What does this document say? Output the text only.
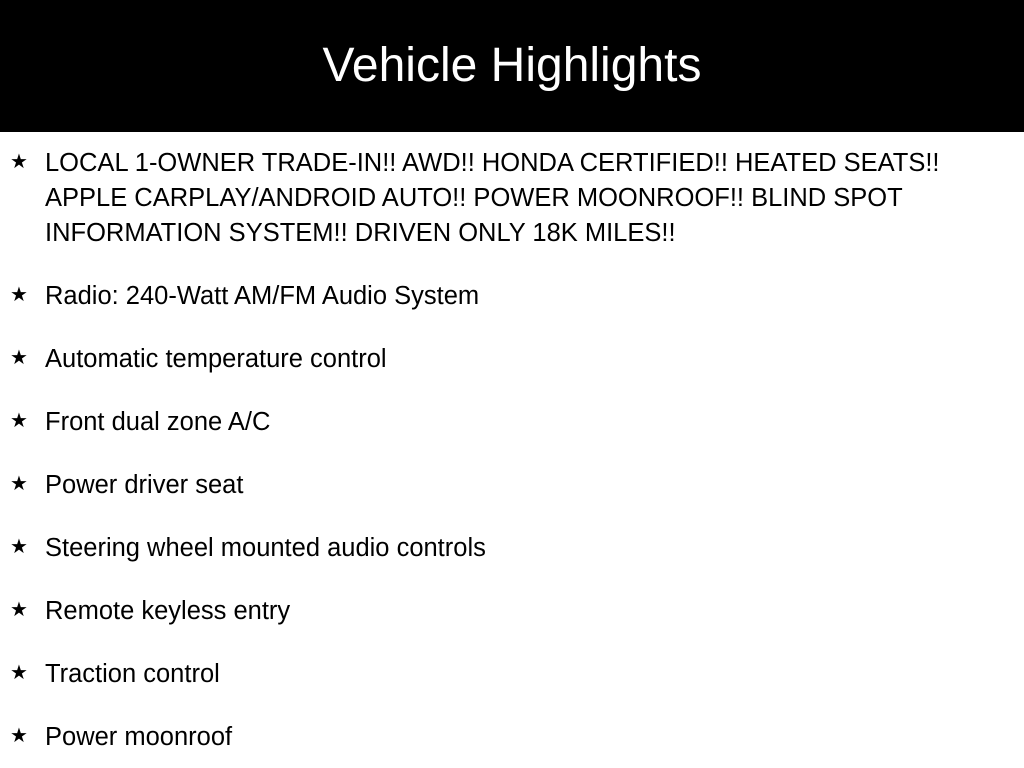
Vehicle Highlights
★ LOCAL 1-OWNER TRADE-IN!! AWD!! HONDA CERTIFIED!! HEATED SEATS!! APPLE CARPLAY/ANDROID AUTO!! POWER MOONROOF!! BLIND SPOT INFORMATION SYSTEM!! DRIVEN ONLY 18K MILES!!
★ Radio: 240-Watt AM/FM Audio System
★ Automatic temperature control
★ Front dual zone A/C
★ Power driver seat
★ Steering wheel mounted audio controls
★ Remote keyless entry
★ Traction control
★ Power moonroof
